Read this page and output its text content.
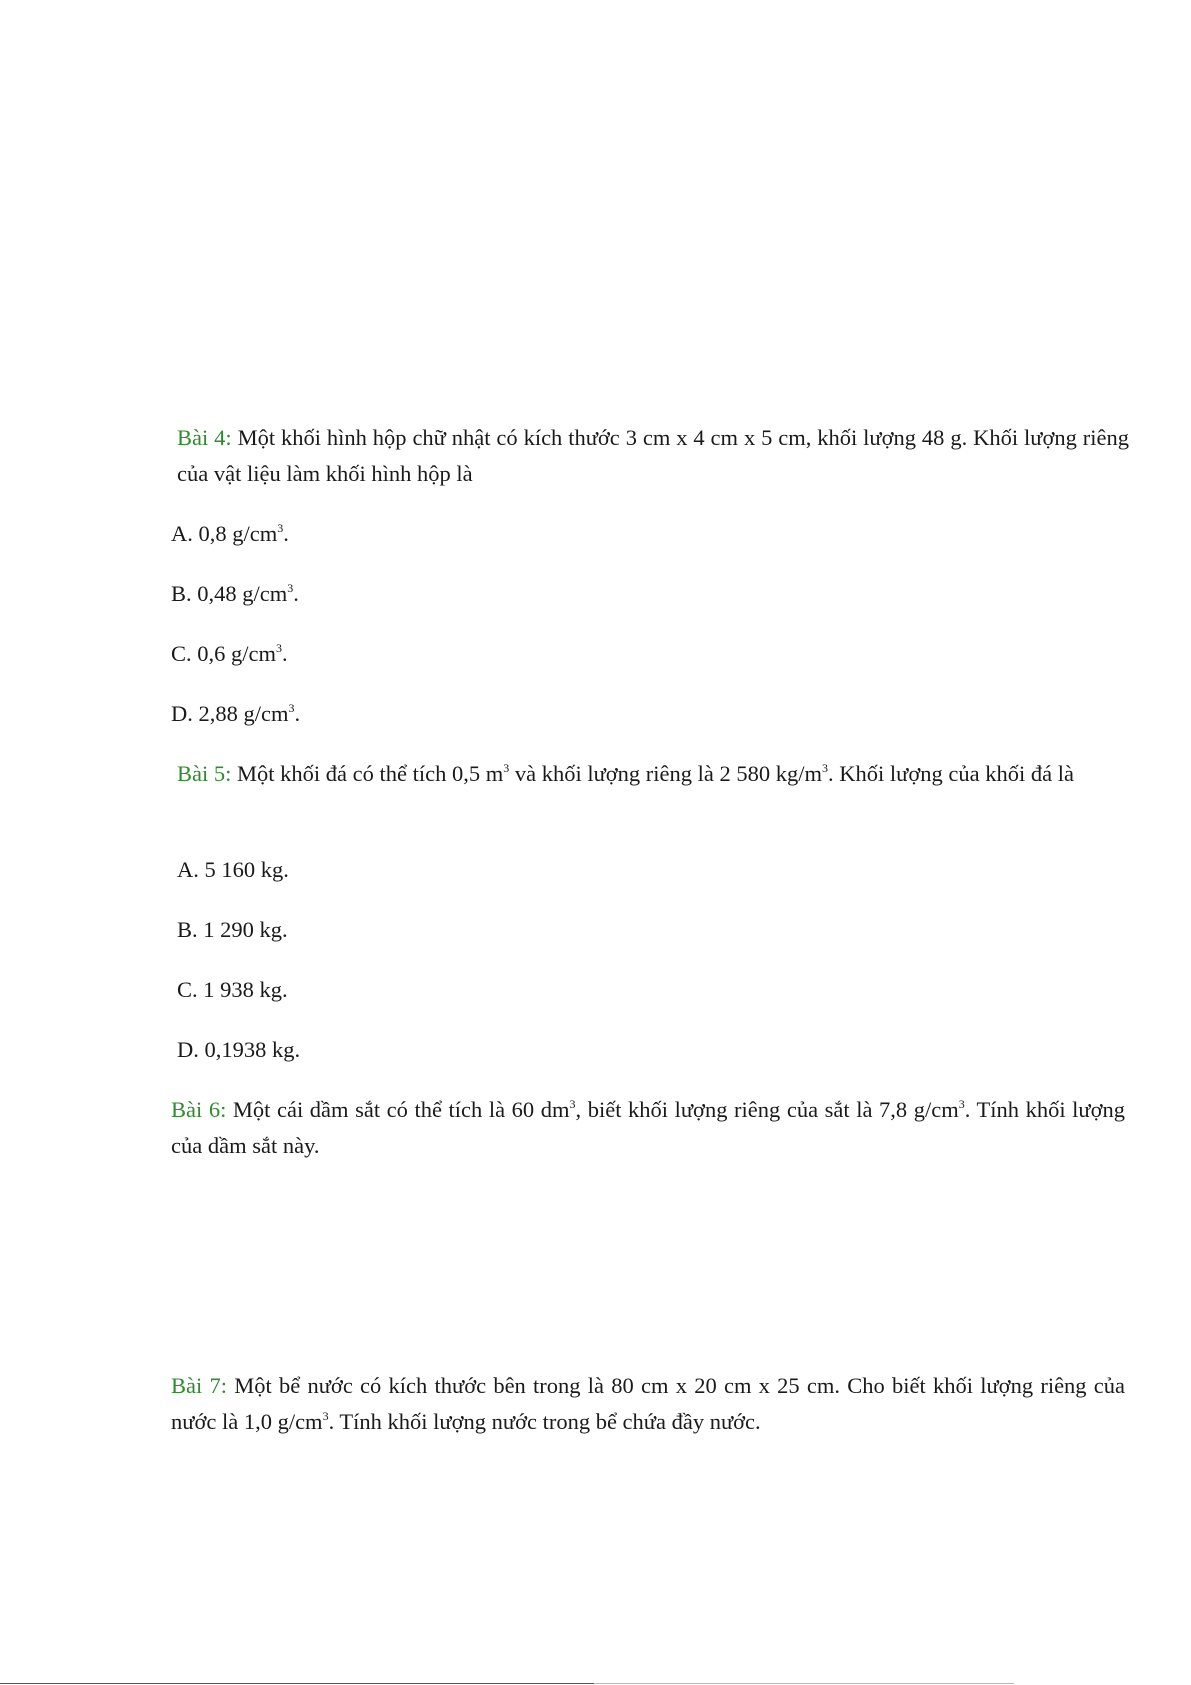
Bài 4: Một khối hình hộp chữ nhật có kích thước 3 cm x 4 cm x 5 cm, khối lượng 48 g. Khối lượng riêng của vật liệu làm khối hình hộp là
A. 0,8 $g/cm^3$.
B. 0,48 $g/cm^3$.
C. 0,6 $g/cm^3$.
D. 2,88 $g/cm^3$.
Bài 5: Một khối đá có thể tích 0,5 $m^3$ và khối lượng riêng là 2 580 $kg/m^3$. Khối lượng của khối đá là
A. 5 160 kg.
B. 1 290 kg.
C. 1 938 kg.
D. 0,1938 kg.
Bài 6: Một cái dầm sắt có thể tích là 60 $dm^3$, biết khối lượng riêng của sắt là 7,8 $g/cm^3$. Tính khối lượng của dầm sắt này.
Bài 7: Một bể nước có kích thước bên trong là 80 cm x 20 cm x 25 cm. Cho biết khối lượng riêng của nước là 1,0 $g/cm^3$. Tính khối lượng nước trong bể chứa đầy nước.
